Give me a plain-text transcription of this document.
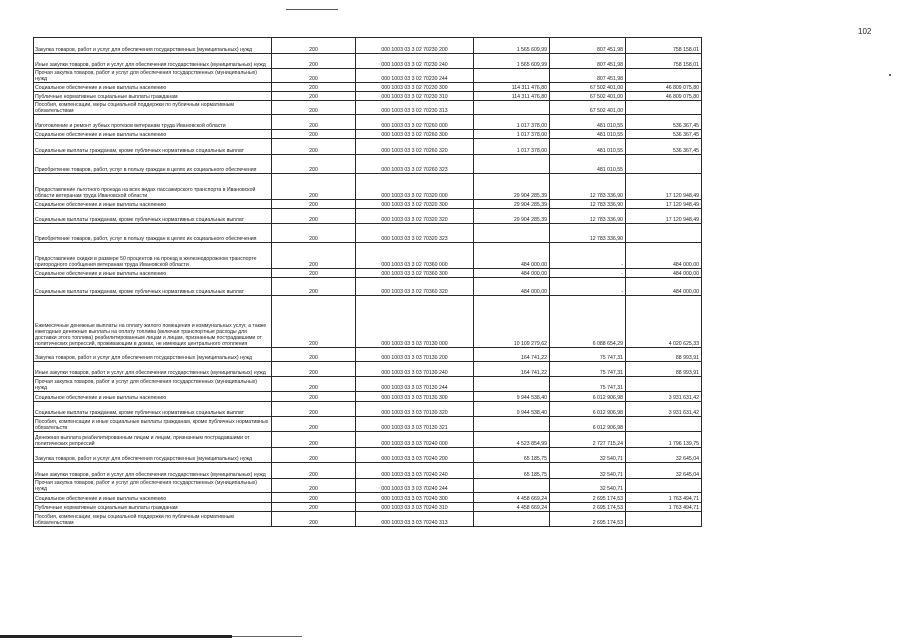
102
Закупка товаров, работ и услуг для обеспечения государственных (муниципальных) нужд	200	000 1003 03 3 02 70230 200	1 565 609,99	807 451,98	758 158,01
Иные закупки товаров, работ и услуг для обеспечения государственных (муниципальных) нужд	200	000 1003 03 3 02 70230 240	1 565 609,99	807 451,98	758 158,01
Прочая закупка товаров, работ и услуг для обеспечения государственных (муниципальных) нужд	200	000 1003 03 3 02 70230 244		807 451,98	
Социальное обеспечение и иные выплаты населению	200	000 1003 03 3 02 70230 300	114 311 476,80	67 502 401,00	46 809 075,80
Публичные нормативные социальные выплаты гражданам	200	000 1003 03 3 02 70230 310	114 311 476,80	67 502 401,00	46 809 075,80
Пособия, компенсации, меры социальной поддержки по публичным нормативным обязательствам	200	000 1003 03 3 02 70230 313		67 502 401,00	
Изготовление и ремонт зубных протезов ветеранам труда Ивановской области	200	000 1003 03 3 02 70260 000	1 017 378,00	481 010,55	536 367,45
Социальное обеспечение и иные выплаты населению	200	000 1003 03 3 02 70260 300	1 017 378,00	481 010,55	536 367,45
Социальные выплаты гражданам, кроме публичных нормативных социальных выплат	200	000 1003 03 3 02 70260 320	1 017 378,00	481 010,55	536 367,45
Приобретение товаров, работ, услуг в пользу граждан в целях их социального обеспечения	200	000 1003 03 3 02 70260 323		481 010,55	
Предоставление льготного проезда на всех видах пассажирского транспорта в Ивановской области ветеранам труда Ивановской области	200	000 1003 03 3 02 70320 000	29 904 285,39	12 783 336,90	17 120 948,49
Социальное обеспечение и иные выплаты населению	200	000 1003 03 3 02 70320 300	29 904 285,39	12 783 336,90	17 120 948,49
Социальные выплаты гражданам, кроме публичных нормативных социальных выплат	200	000 1003 03 3 02 70320 320	29 904 285,39	12 783 336,90	17 120 948,49
Приобретение товаров, работ, услуг в пользу граждан в целях их социального обеспечения	200	000 1003 03 3 02 70320 323		12 783 336,90	
Предоставление скидки в размере 50 процентов на проезд в железнодорожном транспорте пригородного сообщения ветеранам труда Ивановской области	200	000 1003 03 3 02 70360 000	484 000,00	-	484 000,00
Социальное обеспечение и иные выплаты населению	200	000 1003 03 3 02 70360 300	484 000,00	-	484 000,00
Социальные выплаты гражданам, кроме публичных нормативных социальных выплат	200	000 1003 03 3 02 70360 320	484 000,00	-	484 000,00
Ежемесячные денежные выплаты на оплату жилого помещения и коммунальных услуг, а также ежегодные денежные выплаты на оплату топлива (включая транспортные расходы для доставки этого топлива) реабилитированным лицам и лицам, признанным пострадавшими от политических репрессий, проживающим в домах, не имеющих центрального отопления	200	000 1003 03 3 03 70130 000	10 109 279,62	6 088 654,29	4 020 625,33
Закупка товаров, работ и услуг для обеспечения государственных (муниципальных) нужд	200	000 1003 03 3 03 70130 200	164 741,22	75 747,31	88 993,91
Иные закупки товаров, работ и услуг для обеспечения государственных (муниципальных) нужд	200	000 1003 03 3 03 70130 240	164 741,22	75 747,31	88 993,91
Прочая закупка товаров, работ и услуг для обеспечения государственных (муниципальных) нужд	200	000 1003 03 3 03 70130 244		75 747,31	
Социальное обеспечение и иные выплаты населению	200	000 1003 03 3 03 70130 300	9 944 538,40	6 012 906,98	3 931 631,42
Социальные выплаты гражданам, кроме публичных нормативных социальных выплат	200	000 1003 03 3 03 70130 320	9 944 538,40	6 012 906,98	3 931 631,42
Пособия, компенсации и иные социальные выплаты гражданам, кроме публичных нормативных обязательств	200	000 1003 03 3 03 70130 321		6 012 906,98	
Денежная выплата реабилитированным лицам и лицам, признанным пострадавшими от политических репрессий	200	000 1003 03 3 03 70240 000	4 523 854,99	2 727 715,24	1 796 139,75
Закупка товаров, работ и услуг для обеспечения государственных (муниципальных) нужд	200	000 1003 03 3 03 70240 200	65 185,75	32 540,71	32 645,04
Иные закупки товаров, работ и услуг для обеспечения государственных (муниципальных) нужд	200	000 1003 03 3 03 70240 240	65 185,75	32 540,71	32 645,04
Прочая закупка товаров, работ и услуг для обеспечения государственных (муниципальных) нужд	200	000 1003 03 3 03 70240 244		32 540,71	
Социальное обеспечение и иные выплаты населению	200	000 1003 03 3 03 70240 300	4 458 669,24	2 695 174,53	1 763 494,71
Публичные нормативные социальные выплаты гражданам	200	000 1003 03 3 03 70240 310	4 458 669,24	2 695 174,53	1 763 494,71
Пособия, компенсации, меры социальной поддержки по публичным нормативным обязательствам	200	000 1003 03 3 03 70240 313		2 695 174,53	
